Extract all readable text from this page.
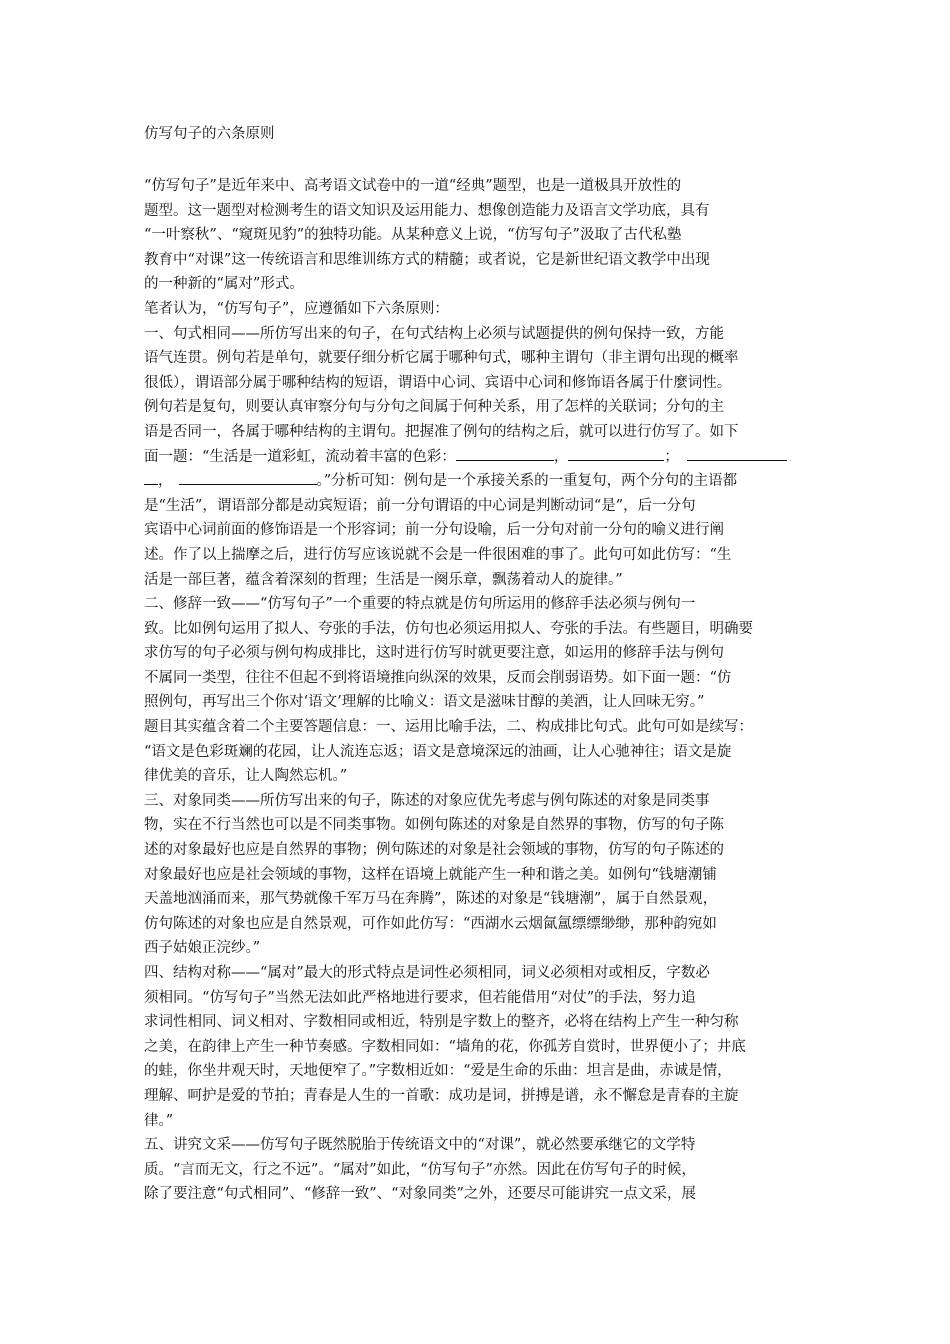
仿写句子的六条原则
“仿写句子”是近年来中、高考语文试卷中的一道“经典”题型，也是一道极具开放性的
题型。这一题型对检测考生的语文知识及运用能力、想像创造能力及语言文学功底，具有
“一叶察秋”、“窥斑见豹”的独特功能。从某种意义上说，“仿写句子”汲取了古代私塾
教育中“对课”这一传统语言和思维训练方式的精髓；或者说，它是新世纪语文教学中出现
的一种新的“属对”形式。
笔者认为，“仿写句子”，应遵循如下六条原则：
一、句式相同——所仿写出来的句子，在句式结构上必须与试题提供的例句保持一致，方能
语气连贯。例句若是单句，就要仔细分析它属于哪种句式，哪种主谓句（非主谓句出现的概率
很低），谓语部分属于哪种结构的短语，谓语中心词、宾语中心词和修饰语各属于什麼词性。
例句若是复句，则要认真审察分句与分句之间属于何种关系，用了怎样的关联词；分句的主
语是否同一，各属于哪种结构的主谓句。把握准了例句的结构之后，就可以进行仿写了。如下
面一题：“生活是一道彩虹，流动着丰富的色彩：	，	；
，	。”分析可知：例句是一个承接关系的一重复句，两个分句的主语都
是“生活”，谓语部分都是动宾短语；前一分句谓语的中心词是判断动词“是”，后一分句
宾语中心词前面的修饰语是一个形容词；前一分句设喻，后一分句对前一分句的喻义进行阐
述。作了以上揣摩之后，进行仿写应该说就不会是一件很困难的事了。此句可如此仿写：“生
活是一部巨著，蕴含着深刻的哲理；生活是一阕乐章，飘荡着动人的旋律。”
二、修辞一致——“仿写句子”一个重要的特点就是仿句所运用的修辞手法必须与例句一
致。比如例句运用了拟人、夸张的手法，仿句也必须运用拟人、夸张的手法。有些题目，明确要
求仿写的句子必须与例句构成排比，这时进行仿写时就更要注意，如运用的修辞手法与例句
不属同一类型，往往不但起不到将语境推向纵深的效果，反而会削弱语势。如下面一题：“仿
照例句，再写出三个你对‘语文’理解的比喻义：语文是滋味甘醇的美酒，让人回味无穷。”
题目其实蕴含着二个主要答题信息：一、运用比喻手法，二、构成排比句式。此句可如是续写：
“语文是色彩斑斓的花园，让人流连忘返；语文是意境深远的油画，让人心驰神往；语文是旋
律优美的音乐，让人陶然忘机。”
三、对象同类——所仿写出来的句子，陈述的对象应优先考虑与例句陈述的对象是同类事
物，实在不行当然也可以是不同类事物。如例句陈述的对象是自然界的事物，仿写的句子陈
述的对象最好也应是自然界的事物；例句陈述的对象是社会领域的事物，仿写的句子陈述的
对象最好也应是社会领域的事物，这样在语境上就能产生一种和谐之美。如例句“钱塘潮铺
天盖地汹涌而来，那气势就像千军万马在奔腾”，陈述的对象是“钱塘潮”，属于自然景观，
仿句陈述的对象也应是自然景观，可作如此仿写：“西湖水云烟氤氲缥缥缈缈，那种韵宛如
西子姑娘正浣纱。”
四、结构对称——“属对”最大的形式特点是词性必须相同，词义必须相对或相反，字数必
须相同。“仿写句子”当然无法如此严格地进行要求，但若能借用“对仗”的手法，努力追
求词性相同、词义相对、字数相同或相近，特别是字数上的整齐，必将在结构上产生一种匀称
之美，在韵律上产生一种节奏感。字数相同如：“墙角的花，你孤芳自赏时，世界便小了；井底
的蛙，你坐井观天时，天地便窄了。”字数相近如：“爱是生命的乐曲：坦言是曲，赤诚是情，
理解、呵护是爱的节拍；青春是人生的一首歌：成功是词，拼搏是谱，永不懈怠是青春的主旋
律。”
五、讲究文采——仿写句子既然脱胎于传统语文中的“对课”，就必然要承继它的文学特
质。“言而无文，行之不远”。“属对”如此，“仿写句子”亦然。因此在仿写句子的时候，
除了要注意“句式相同”、“修辞一致”、“对象同类”之外，还要尽可能讲究一点文采，展
